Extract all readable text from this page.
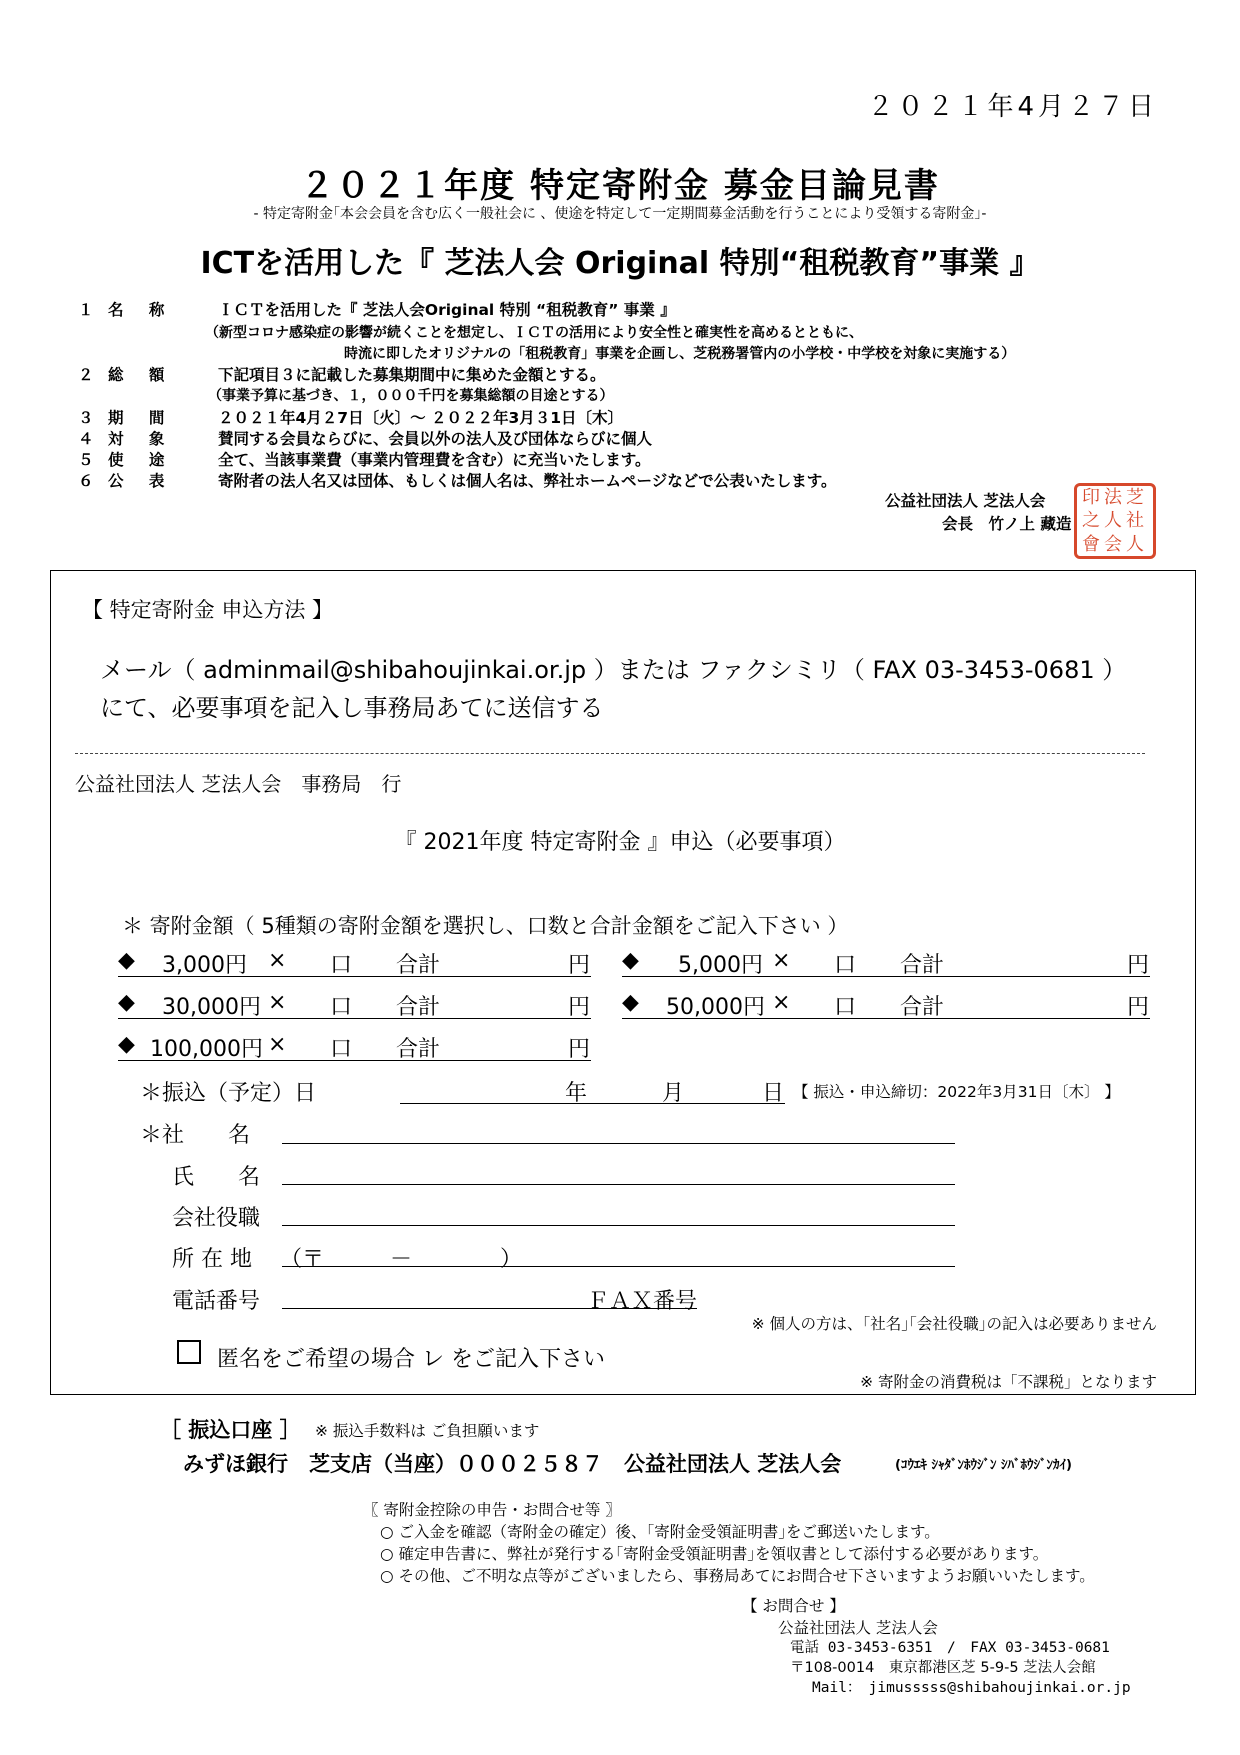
２０２１年4月２７日
２０２１年度 特定寄附金 募金目論見書
- 特定寄附金｢本会会員を含む広く一般社会に 、使途を特定して一定期間募金活動を行うことにより受領する寄附金｣-
ICTを活用した『 芝法人会 Original 特別“租税教育”事業 』
１ 名 称	ＩＣＴを活用した『 芝法人会Original 特別 “租税教育” 事業 』
（新型コロナ感染症の影響が続くことを想定し、ＩＣＴの活用により安全性と確実性を高めるとともに、
時流に即したオリジナルの「租税教育」事業を企画し、芝税務署管内の小学校・中学校を対象に実施する）
２ 総 額	下記項目３に記載した募集期間中に集めた金額とする。
（事業予算に基づき、１，０００千円を募集総額の目途とする）
３ 期 間	２０２１年4月２7日〔火〕～ ２０２２年3月３1日〔木〕
４ 対 象	賛同する会員ならびに、会員以外の法人及び団体ならびに個人
５ 使 途	全て、当該事業費（事業内管理費を含む）に充当いたします。
６ 公 表	寄附者の法人名又は団体、もしくは個人名は、弊社ホームページなどで公表いたします。
公益社団法人 芝法人会
会長　竹ノ上 藏造
印 法 芝
之 人 社
會 会 人
【 特定寄附金 申込方法 】
メール（ adminmail@shibahoujinkai.or.jp ）または ファクシミリ（ FAX 03-3453-0681 ）
にて、必要事項を記入し事務局あてに送信する
公益社団法人 芝法人会　事務局　行
『 2021年度 特定寄附金 』申込（必要事項）
＊ 寄附金額（ 5種類の寄附金額を選択し、口数と合計金額をご記入下さい ）
◆ 3,000円 × 口 合計	円 ◆ 5,000円 × 口 合計	円
◆ 30,000円 × 口 合計	円 ◆ 50,000円 × 口 合計	円
◆ 100,000円 × 口 合計	円
＊振込（予定）日	年	月	日 【 振込・申込締切：2022年3月31日〔木〕 】
＊社　　名
氏　　名
会社役職
所 在 地 （〒　　　－　　　　）
電話番号	ＦＡＸ番号
※ 個人の方は、｢社名｣｢会社役職｣の記入は必要ありません
匿名をご希望の場合 レ をご記入下さい
※ 寄附金の消費税は「不課税」となります
［ 振込口座 ］ ※ 振込手数料は ご負担願います
みずほ銀行　芝支店（当座）０００２５８７　公益社団法人 芝法人会	(ｺｳｴｷ ｼｬﾀﾞﾝﾎｳｼﾞﾝ ｼﾊﾞﾎｳｼﾞﾝｶｲ)
〖 寄附金控除の申告・お問合せ等 〗
○ ご入金を確認（寄附金の確定）後、｢寄附金受領証明書｣をご郵送いたします。
○ 確定申告書に、弊社が発行する｢寄附金受領証明書｣を領収書として添付する必要があります。
○ その他、ご不明な点等がございましたら、事務局あてにお問合せ下さいますようお願いいたします。
【 お問合せ 】
公益社団法人 芝法人会
電話 03-3453-6351　/　FAX 03-3453-0681
〒108-0014　東京都港区芝 5-9-5 芝法人会館
Mail：　jimusssss@shibahoujinkai.or.jp
